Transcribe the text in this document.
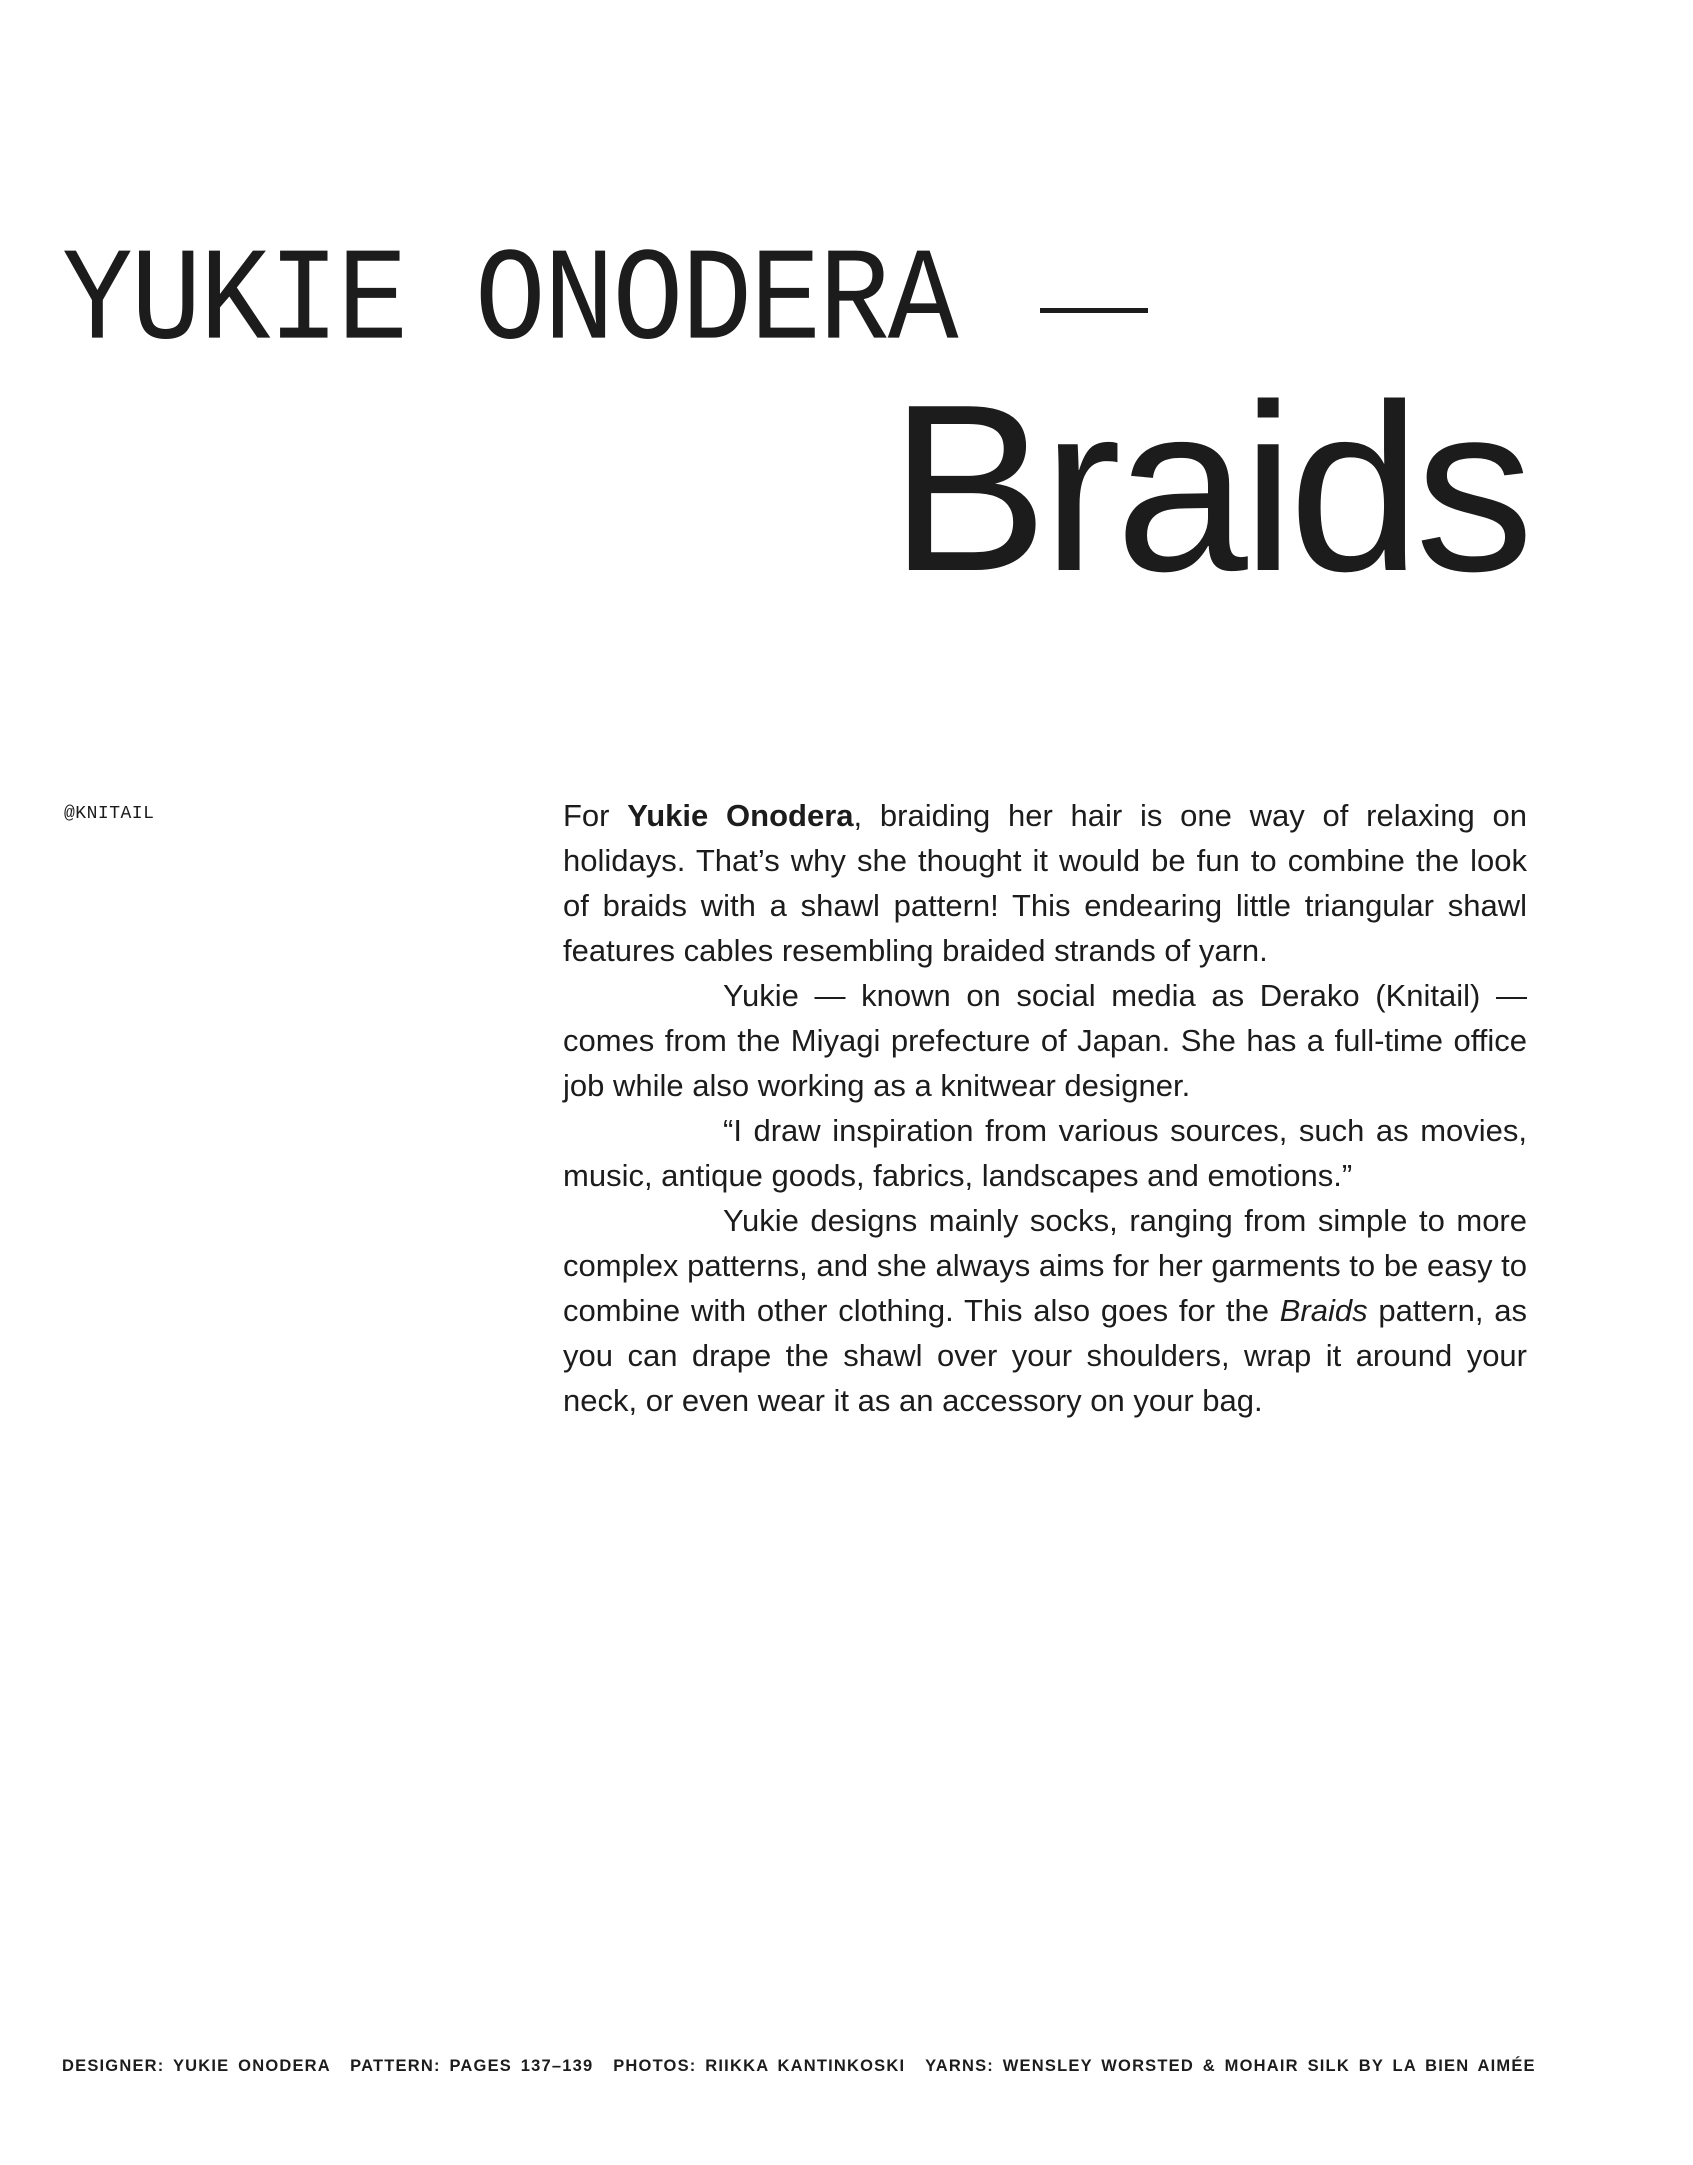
YUKIE ONODERA
Braids
@KNITAIL	For Yukie Onodera, braiding her hair is one way of relaxing on holidays. That’s why she thought it would be fun to combine the look of braids with a shawl pattern! This endearing little triangular shawl features cables resembling braided strands of yarn.

Yukie — known on social media as Derako (Knitail) — comes from the Miyagi prefecture of Japan. She has a full-time office job while also working as a knitwear designer.

“I draw inspiration from various sources, such as movies, music, antique goods, fabrics, landscapes and emotions.”

Yukie designs mainly socks, ranging from simple to more complex patterns, and she always aims for her garments to be easy to combine with other clothing. This also goes for the Braids pattern, as you can drape the shawl over your shoulders, wrap it around your neck, or even wear it as an accessory on your bag.

DESIGNER: YUKIE ONODERA PATTERN: PAGES 137–139 PHOTOS: RIIKKA KANTINKOSKI YARNS: WENSLEY WORSTED & MOHAIR SILK BY LA BIEN AIMÉE
